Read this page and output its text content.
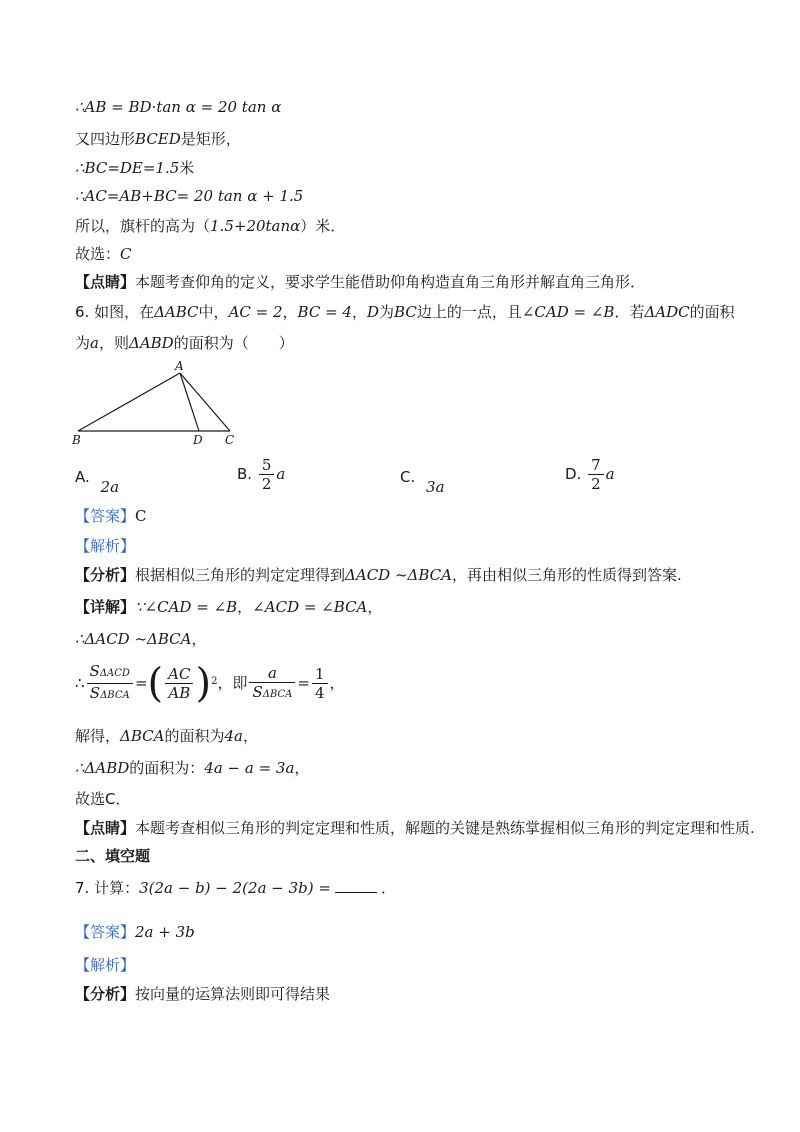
∴AB = BD·tan α = 20 tan α
又四边形BCED是矩形，
∴BC=DE=1.5米
∴AC=AB+BC= 20 tan α + 1.5
所以，旗杆的高为（1.5+20tanα）米．
故选：C
【点睛】本题考查仰角的定义，要求学生能借助仰角构造直角三角形并解直角三角形．
6. 如图，在ΔABC中，AC = 2，BC = 4，D为BC边上的一点，且∠CAD = ∠B．若ΔADC的面积
为a，则ΔABD的面积为（　　）
A
B	D C
A. 2a
B. $\frac{5}{2}$ a	C. 3a
D. $\frac{7}{2}$ a
【答案】C
【解析】
【分析】根据相似三角形的判定定理得到ΔACD ~ΔBCA，再由相似三角形的性质得到答案.
【详解】∵∠CAD = ∠B，∠ACD = ∠BCA，
∴ΔACD ~ΔBCA，
∴ $\frac{\text{SΔACD}}{\text{SΔBCA}}$ =( $\frac{AC}{AB} )^2$，即 $\frac{a}{\text{SΔBCA}} = \frac{1}{4}$ ，
解得，ΔBCA的面积为4a，
∴ΔABD的面积为：4a − a = 3a，
故选C．
【点睛】本题考查相似三角形的判定定理和性质，解题的关键是熟练掌握相似三角形的判定定理和性质.
二、填空题
7. 计算：3(2a − b) − 2(2a − 3b) =	．
【答案】2a + 3b
【解析】
【分析】按向量的运算法则即可得结果
